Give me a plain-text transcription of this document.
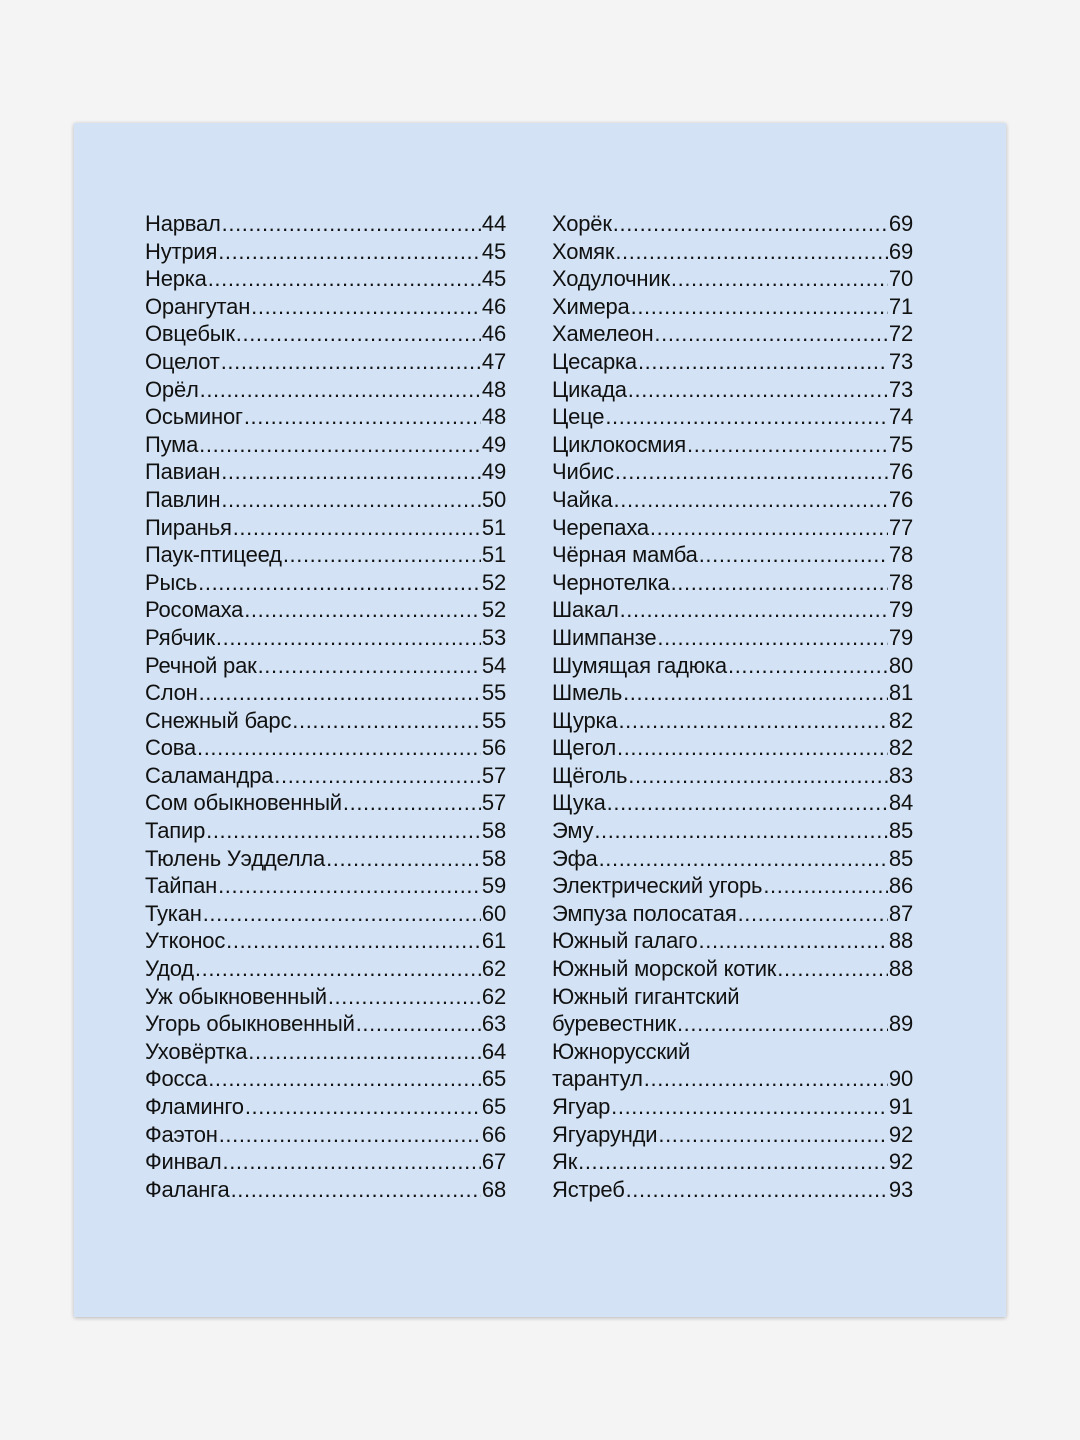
Нарвал .....	44
Нутрия .....	45
Нерка .....	45
Орангутан .....	46
Овцебык .....	46
Оцелот .....	47
Орёл .....	48
Осьминог .....	48
Пума .....	49
Павиан .....	49
Павлин .....	50
Пиранья .....	51
Паук-птицеед .....	51
Рысь .....	52
Росомаха .....	52
Рябчик .....	53
Речной рак .....	54
Слон .....	55
Снежный барс .....	55
Сова .....	56
Саламандра .....	57
Сом обыкновенный .....	57
Тапир .....	58
Тюлень Уэдделла .....	58
Тайпан .....	59
Тукан .....	60
Утконос .....	61
Удод .....	62
Уж обыкновенный .....	62
Угорь обыкновенный .....	63
Уховёртка .....	64
Фосса .....	65
Фламинго .....	65
Фаэтон .....	66
Финвал .....	67
Фаланга .....	68
Хорёк .....	69
Хомяк .....	69
Ходулочник .....	70
Химера .....	71
Хамелеон .....	72
Цесарка .....	73
Цикада .....	73
Цеце .....	74
Циклокосмия .....	75
Чибис .....	76
Чайка .....	76
Черепаха .....	77
Чёрная мамба .....	78
Чернотелка .....	78
Шакал .....	79
Шимпанзе .....	79
Шумящая гадюка .....	80
Шмель .....	81
Щурка .....	82
Щегол .....	82
Щёголь .....	83
Щука .....	84
Эму .....	85
Эфа .....	85
Электрический угорь .....	86
Эмпуза полосатая .....	87
Южный галаго .....	88
Южный морской котик .....	88
Южный гигантский
буревестник .....	89
Южнорусский
тарантул .....	90
Ягуар .....	91
Ягуарунди .....	92
Як .....	92
Ястреб .....	93
